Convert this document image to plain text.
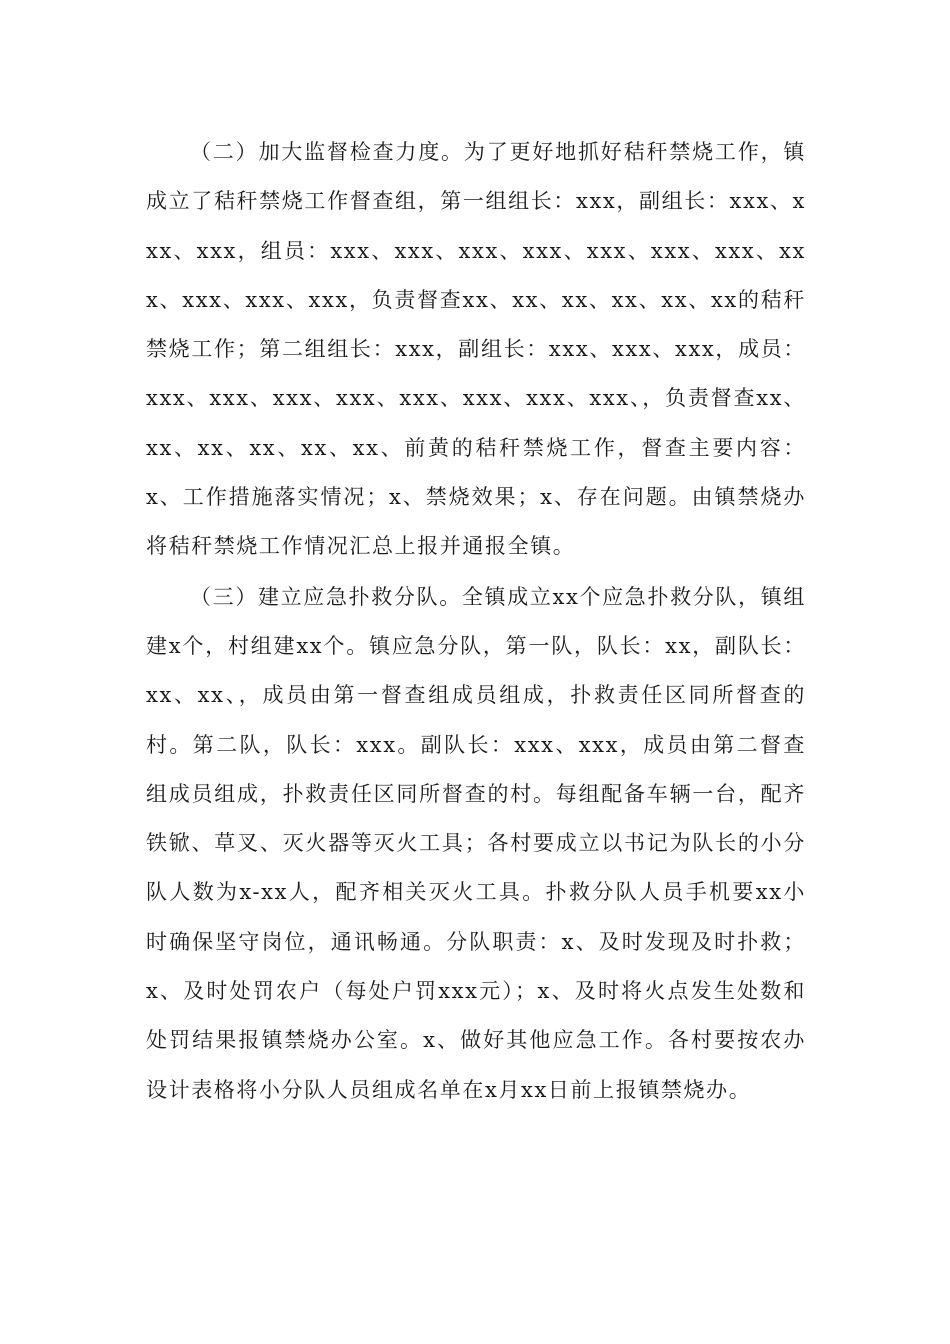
（二）加大监督检查力度。为了更好地抓好秸秆禁烧工作，镇成立了秸秆禁烧工作督查组，第一组组长：xxx，副组长：xxx、xxx、xxx，组员：xxx、xxx、xxx、xxx、xxx、xxx、xxx、xxx、xxx、xxx、xxx，负责督查xx、xx、xx、xx、xx、xx的秸秆禁烧工作；第二组组长：xxx，副组长：xxx、xxx、xxx，成员：xxx、xxx、xxx、xxx、xxx、xxx、xxx、xxx、，负责督查xx、xx、xx、xx、xx、xx、前黄的秸秆禁烧工作，督查主要内容：x、工作措施落实情况；x、禁烧效果；x、存在问题。由镇禁烧办将秸秆禁烧工作情况汇总上报并通报全镇。

（三）建立应急扑救分队。全镇成立xx个应急扑救分队，镇组建x个，村组建xx个。镇应急分队，第一队，队长：xx，副队长：xx、xx、，成员由第一督查组成员组成，扑救责任区同所督查的村。第二队，队长：xxx。副队长：xxx、xxx，成员由第二督查组成员组成，扑救责任区同所督查的村。每组配备车辆一台，配齐铁锨、草叉、灭火器等灭火工具；各村要成立以书记为队长的小分队人数为x-xx人，配齐相关灭火工具。扑救分队人员手机要xx小时确保坚守岗位，通讯畅通。分队职责：x、及时发现及时扑救；x、及时处罚农户（每处户罚xxx元）；x、及时将火点发生处数和处罚结果报镇禁烧办公室。x、做好其他应急工作。各村要按农办设计表格将小分队人员组成名单在x月xx日前上报镇禁烧办。
